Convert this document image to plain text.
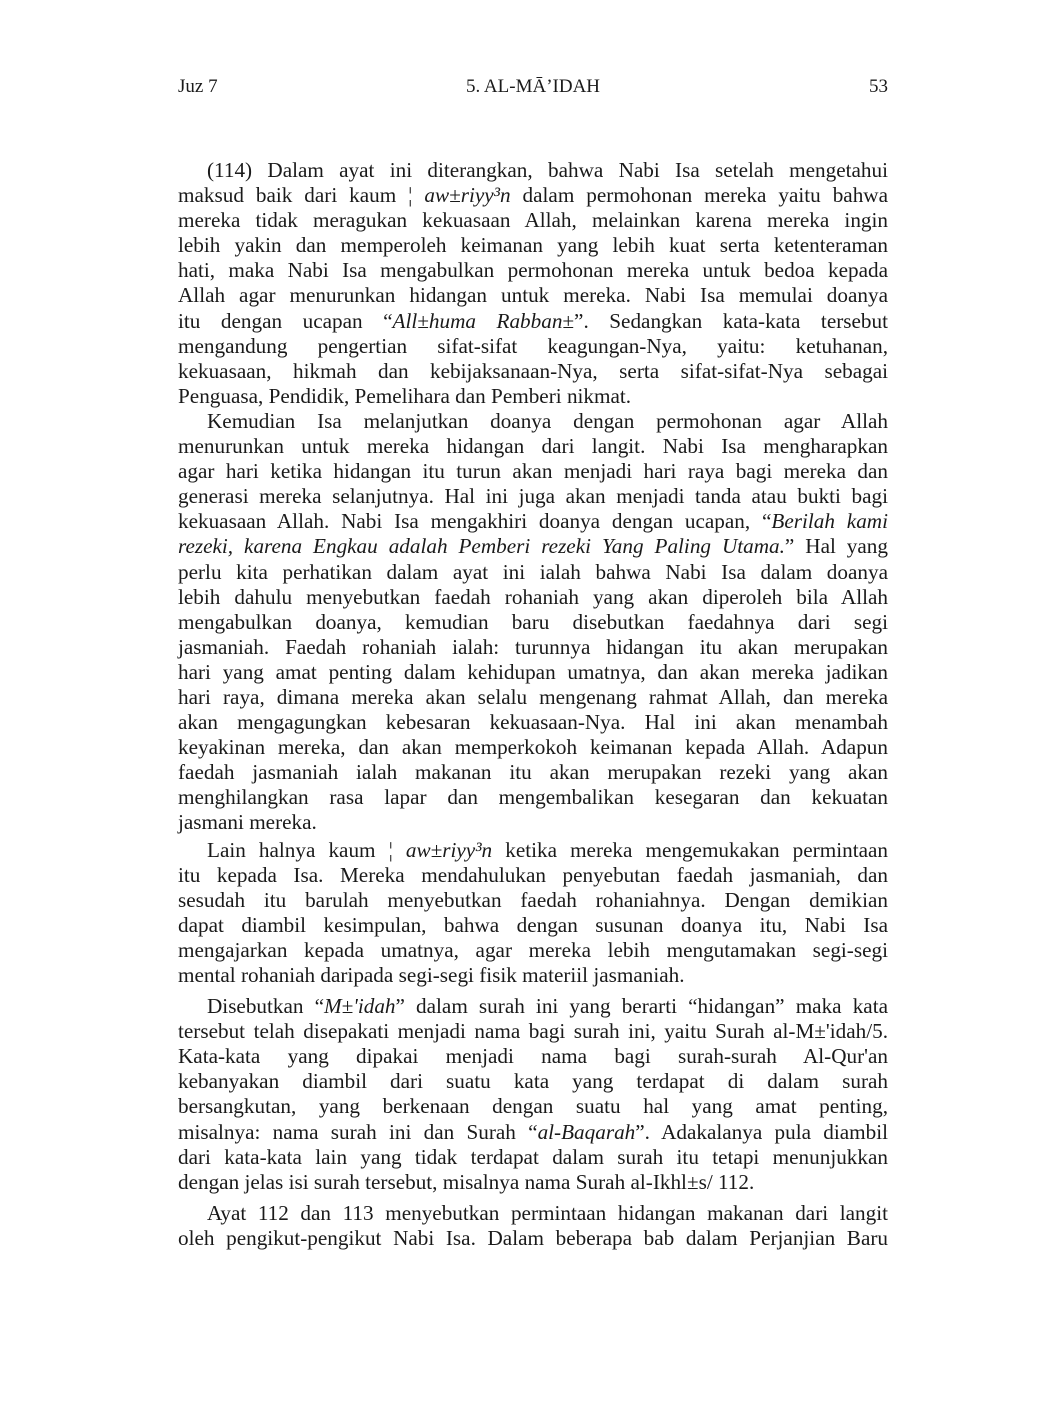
Juz 7	5. AL-MĀ’IDAH	53
(114) Dalam ayat ini diterangkan, bahwa Nabi Isa setelah mengetahui
maksud baik dari kaum ¦ aw±riyy³n dalam permohonan mereka yaitu bahwa
mereka tidak meragukan kekuasaan Allah, melainkan karena mereka ingin
lebih yakin dan memperoleh keimanan yang lebih kuat serta ketenteraman
hati, maka Nabi Isa mengabulkan permohonan mereka untuk bedoa kepada
Allah agar menurunkan hidangan untuk mereka. Nabi Isa memulai doanya
itu dengan ucapan “All±huma Rabban±”. Sedangkan kata-kata tersebut
mengandung pengertian sifat-sifat keagungan-Nya, yaitu: ketuhanan,
kekuasaan, hikmah dan kebijaksanaan-Nya, serta sifat-sifat-Nya sebagai
Penguasa, Pendidik, Pemelihara dan Pemberi nikmat.
Kemudian Isa melanjutkan doanya dengan permohonan agar Allah
menurunkan untuk mereka hidangan dari langit. Nabi Isa mengharapkan
agar hari ketika hidangan itu turun akan menjadi hari raya bagi mereka dan
generasi mereka selanjutnya. Hal ini juga akan menjadi tanda atau bukti bagi
kekuasaan Allah. Nabi Isa mengakhiri doanya dengan ucapan, “Berilah kami
rezeki, karena Engkau adalah Pemberi rezeki Yang Paling Utama.” Hal yang
perlu kita perhatikan dalam ayat ini ialah bahwa Nabi Isa dalam doanya
lebih dahulu menyebutkan faedah rohaniah yang akan diperoleh bila Allah
mengabulkan doanya, kemudian baru disebutkan faedahnya dari segi
jasmaniah. Faedah rohaniah ialah: turunnya hidangan itu akan merupakan
hari yang amat penting dalam kehidupan umatnya, dan akan mereka jadikan
hari raya, dimana mereka akan selalu mengenang rahmat Allah, dan mereka
akan mengagungkan kebesaran kekuasaan-Nya. Hal ini akan menambah
keyakinan mereka, dan akan memperkokoh keimanan kepada Allah. Adapun
faedah jasmaniah ialah makanan itu akan merupakan rezeki yang akan
menghilangkan rasa lapar dan mengembalikan kesegaran dan kekuatan
jasmani mereka.
Lain halnya kaum ¦ aw±riyy³n ketika mereka mengemukakan permintaan
itu kepada Isa. Mereka mendahulukan penyebutan faedah jasmaniah, dan
sesudah itu barulah menyebutkan faedah rohaniahnya. Dengan demikian
dapat diambil kesimpulan, bahwa dengan susunan doanya itu, Nabi Isa
mengajarkan kepada umatnya, agar mereka lebih mengutamakan segi-segi
mental rohaniah daripada segi-segi fisik materiil jasmaniah.
Disebutkan “M±'idah” dalam surah ini yang berarti “hidangan” maka kata
tersebut telah disepakati menjadi nama bagi surah ini, yaitu Surah al-M±'idah/5.
Kata-kata yang dipakai menjadi nama bagi surah-surah Al-Qur'an
kebanyakan diambil dari suatu kata yang terdapat di dalam surah
bersangkutan, yang berkenaan dengan suatu hal yang amat penting,
misalnya: nama surah ini dan Surah “al-Baqarah”. Adakalanya pula diambil
dari kata-kata lain yang tidak terdapat dalam surah itu tetapi menunjukkan
dengan jelas isi surah tersebut, misalnya nama Surah al-Ikhl±s/ 112.
Ayat 112 dan 113 menyebutkan permintaan hidangan makanan dari langit
oleh pengikut-pengikut Nabi Isa. Dalam beberapa bab dalam Perjanjian Baru
